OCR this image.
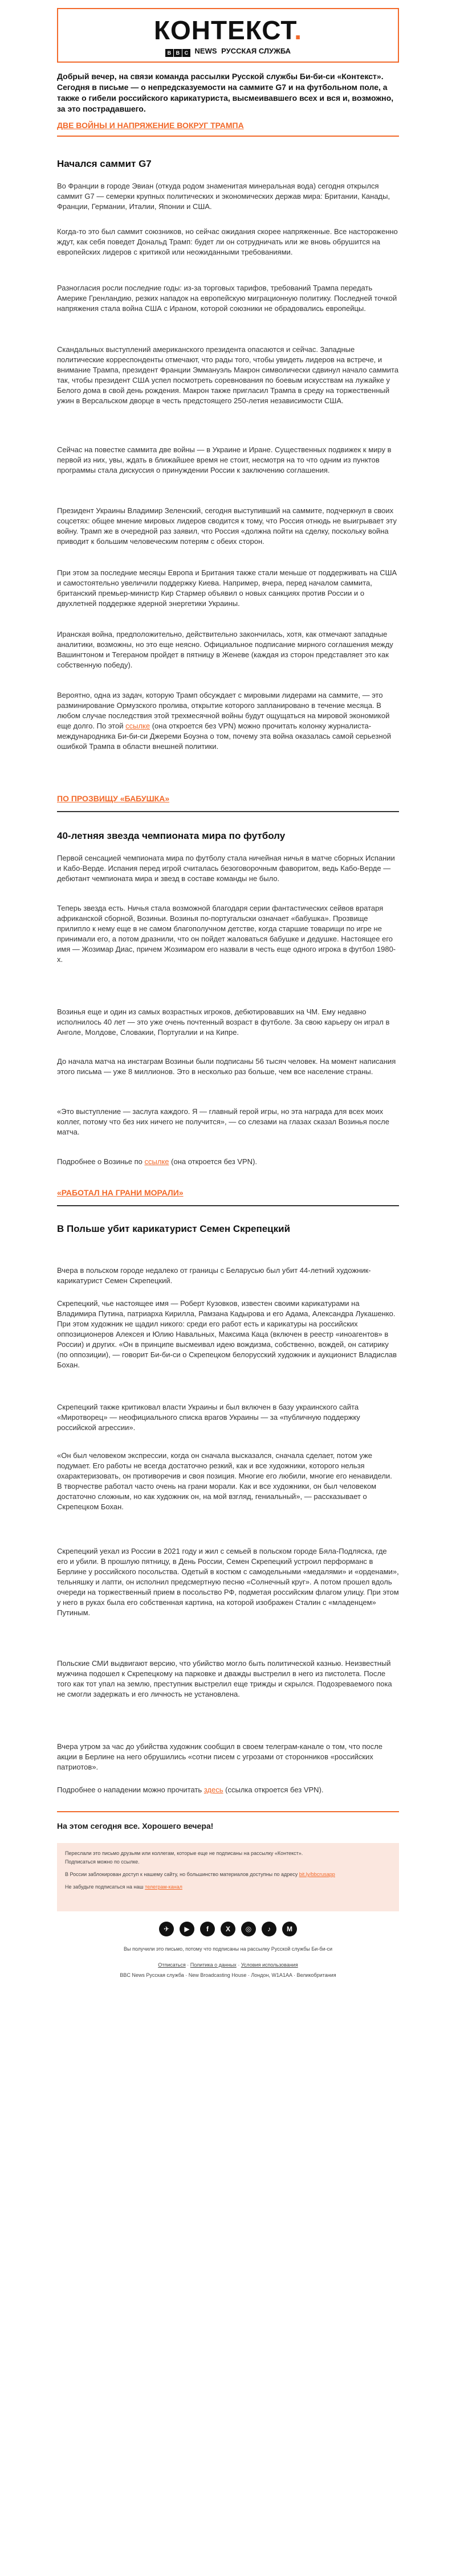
КОНТЕКСТ.
B B C NEWS РУССКАЯ СЛУЖБА
Добрый вечер, на связи команда рассылки Русской службы Би-би-си «Контекст». Сегодня в письме — о непредсказуемости на саммите G7 и на футбольном поле, а также о гибели российского карикатуриста, высмеивавшего всех и вся и, возможно, за это пострадавшего.
ДВЕ ВОЙНЫ И НАПРЯЖЕНИЕ ВОКРУГ ТРАМПА
Начался саммит G7
Во Франции в городе Эвиан (откуда родом знаменитая минеральная вода) сегодня открылся саммит G7 — семерки крупных политических и экономических держав мира: Британии, Канады, Франции, Германии, Италии, Японии и США.
Когда-то это был саммит союзников, но сейчас ожидания скорее напряженные. Все настороженно ждут, как себя поведет Дональд Трамп: будет ли он сотрудничать или же вновь обрушится на европейских лидеров с критикой или неожиданными требованиями.
Разногласия росли последние годы: из-за торговых тарифов, требований Трампа передать Америке Гренландию, резких нападок на европейскую миграционную политику. Последней точкой напряжения стала война США с Ираном, которой союзники не обрадовались европейцы.
Скандальных выступлений американского президента опасаются и сейчас. Западные политические корреспонденты отмечают, что рады того, чтобы увидеть лидеров на встрече, и внимание Трампа, президент Франции Эммануэль Макрон символически сдвинул начало саммита так, чтобы президент США успел посмотреть соревнования по боевым искусствам на лужайке у Белого дома в свой день рождения. Макрон также пригласил Трампа в среду на торжественный ужин в Версальском дворце в честь предстоящего 250-летия независимости США.
Сейчас на повестке саммита две войны — в Украине и Иране. Существенных подвижек к миру в первой из них, увы, ждать в ближайшее время не стоит, несмотря на то что одним из пунктов программы стала дискуссия о принуждении России к заключению соглашения.
Президент Украины Владимир Зеленский, сегодня выступивший на саммите, подчеркнул в своих соцсетях: общее мнение мировых лидеров сводится к тому, что Россия отнюдь не выигрывает эту войну. Трамп же в очередной раз заявил, что Россия «должна пойти на сделку, поскольку война приводит к большим человеческим потерям с обеих сторон.
При этом за последние месяцы Европа и Британия также стали меньше от поддерживать на США и самостоятельно увеличили поддержку Киева. Например, вчера, перед началом саммита, британский премьер-министр Кир Стармер объявил о новых санкциях против России и о двухлетней поддержке ядерной энергетики Украины.
Иранская война, предположительно, действительно закончилась, хотя, как отмечают западные аналитики, возможны, но это еще неясно. Официальное подписание мирного соглашения между Вашингтоном и Тегераном пройдет в пятницу в Женеве (каждая из сторон представляет это как собственную победу).
Вероятно, одна из задач, которую Трамп обсуждает с мировыми лидерами на саммите, — это разминирование Ормузского пролива, открытие которого запланировано в течение месяца. В любом случае последствия этой трехмесячной войны будут ощущаться на мировой экономикой еще долго. По этой ссылке (она откроется без VPN) можно прочитать колонку журналиста-международника Би-би-си Джереми Боуэна о том, почему эта война оказалась самой серьезной ошибкой Трампа в области внешней политики.
ПО ПРОЗВИЩУ «БАБУШКА»
40-летняя звезда чемпионата мира по футболу
Первой сенсацией чемпионата мира по футболу стала ничейная ничья в матче сборных Испании и Кабо-Верде. Испания перед игрой считалась безоговорочным фаворитом, ведь Кабо-Верде — дебютант чемпионата мира и звезд в составе команды не было.
Теперь звезда есть. Ничья стала возможной благодаря серии фантастических сейвов вратаря африканской сборной, Возиньи. Возинья по-португальски означает «бабушка». Прозвище прилипло к нему еще в не самом благополучном детстве, когда старшие товарищи по игре не принимали его, а потом дразнили, что он пойдет жаловаться бабушке и дедушке. Настоящее его имя — Жозимар Диас, причем Жозимаром его назвали в честь еще одного игрока в футбол 1980-х.
Возинья еще и один из самых возрастных игроков, дебютировавших на ЧМ. Ему недавно исполнилось 40 лет — это уже очень почтенный возраст в футболе. За свою карьеру он играл в Анголе, Молдове, Словакии, Португалии и на Кипре.
До начала матча на инстаграм Возиньи были подписаны 56 тысяч человек. На момент написания этого письма — уже 8 миллионов. Это в несколько раз больше, чем все население страны.
«Это выступление — заслуга каждого. Я — главный герой игры, но эта награда для всех моих коллег, потому что без них ничего не получится», — со слезами на глазах сказал Возинья после матча.
Подробнее о Возинье по ссылке (она откроется без VPN).
«РАБОТАЛ НА ГРАНИ МОРАЛИ»
В Польше убит карикатурист Семен Скрепецкий
Вчера в польском городе недалеко от границы с Беларусью был убит 44-летний художник-карикатурист Семен Скрепецкий.
Скрепецкий, чье настоящее имя — Роберт Кузовков, известен своими карикатурами на Владимира Путина, патриарха Кирилла, Рамзана Кадырова и его Адама, Александра Лукашенко. При этом художник не щадил никого: среди его работ есть и карикатуры на российских оппозиционеров Алексея и Юлию Навальных, Максима Каца (включен в реестр «иноагентов» в России) и других. «Он в принципе высмеивал идею вождизма, собственно, вождей, он сатирику (по оппозиции), — говорит Би-би-си о Скрепецком белорусский художник и аукционист Владислав Бохан.
Скрепецкий также критиковал власти Украины и был включен в базу украинского сайта «Миротворец» — неофициального списка врагов Украины — за «публичную поддержку российской агрессии».
«Он был человеком экспрессии, когда он сначала высказался, сначала сделает, потом уже подумает. Его работы не всегда достаточно резкий, как и все художники, которого нельзя охарактеризовать, он противоречив и своя позиция. Многие его любили, многие его ненавидели. В творчестве работал часто очень на грани морали. Как и все художники, он был человеком достаточно сложным, но как художник он, на мой взгляд, гениальный», — рассказывает о Скрепецком Бохан.
Скрепецкий уехал из России в 2021 году и жил с семьей в польском городе Бяла-Подляска, где его и убили. В прошлую пятницу, в День России, Семен Скрепецкий устроил перформанс в Берлине у российского посольства. Одетый в костюм с самодельными «медалями» и «орденами», тельняшку и лапти, он исполнил предсмертную песню «Солнечный круг». А потом прошел вдоль очереди на торжественный прием в посольство РФ, подметая российским флагом улицу. При этом у него в руках была его собственная картина, на которой изображен Сталин с «младенцем» Путиным.
Польские СМИ выдвигают версию, что убийство могло быть политической казнью. Неизвестный мужчина подошел к Скрепецкому на парковке и дважды выстрелил в него из пистолета. После того как тот упал на землю, преступник выстрелил еще трижды и скрылся. Подозреваемого пока не смогли задержать и его личность не установлена.
Вчера утром за час до убийства художник сообщил в своем телеграм-канале о том, что после акции в Берлине на него обрушились «сотни писем с угрозами от сторонников «российских патриотов».
Подробнее о нападении можно прочитать здесь (ссылка откроется без VPN).
На этом сегодня все. Хорошего вечера!

Переслали это письмо друзьям или коллегам, которые еще не подписаны на рассылку «Контекст».

Подписаться можно по ссылке.

В России заблокирован доступ к нашему сайту, но большинство материалов доступны по адресу bit.ly/bbcrusapp

Не забудьте подписаться на наш телеграм-канал

✈	▶	f	X	◎	♪	M
Вы получили это письмо, потому что подписаны на рассылку Русской службы Би-би-си
Отписаться · Политика о данных · Условия использования
BBC News Русская служба · New Broadcasting House · Лондон, W1A1AA · Великобритания
